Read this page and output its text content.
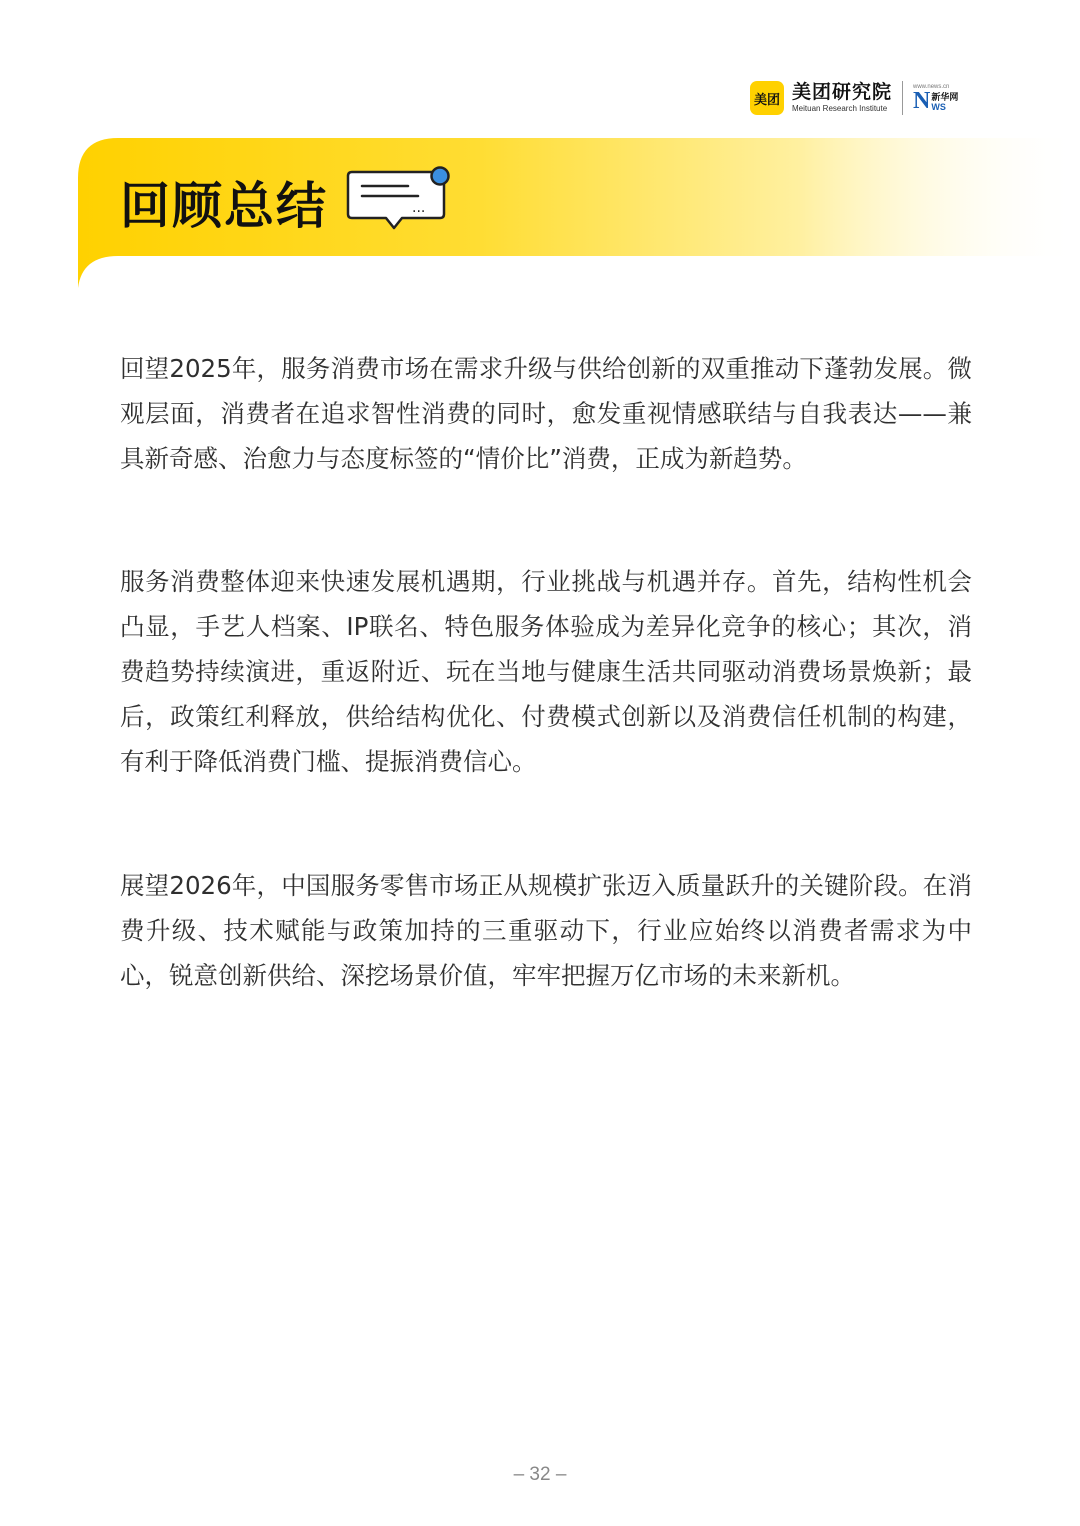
美团 美团研究院
Meituan Research Institute
www.news.cn
N 新华网
WS
回顾总结	...

回望2025年，服务消费市场在需求升级与供给创新的双重推动下蓬勃发展。微观层面，消费者在追求智性消费的同时，愈发重视情感联结与自我表达——兼具新奇感、治愈力与态度标签的“情价比”消费，正成为新趋势。

服务消费整体迎来快速发展机遇期，行业挑战与机遇并存。首先，结构性机会凸显，手艺人档案、IP联名、特色服务体验成为差异化竞争的核心；其次，消费趋势持续演进，重返附近、玩在当地与健康生活共同驱动消费场景焕新；最后，政策红利释放，供给结构优化、付费模式创新以及消费信任机制的构建，有利于降低消费门槛、提振消费信心。

展望2026年，中国服务零售市场正从规模扩张迈入质量跃升的关键阶段。在消费升级、技术赋能与政策加持的三重驱动下，行业应始终以消费者需求为中心，锐意创新供给、深挖场景价值，牢牢把握万亿市场的未来新机。

– 32 –
